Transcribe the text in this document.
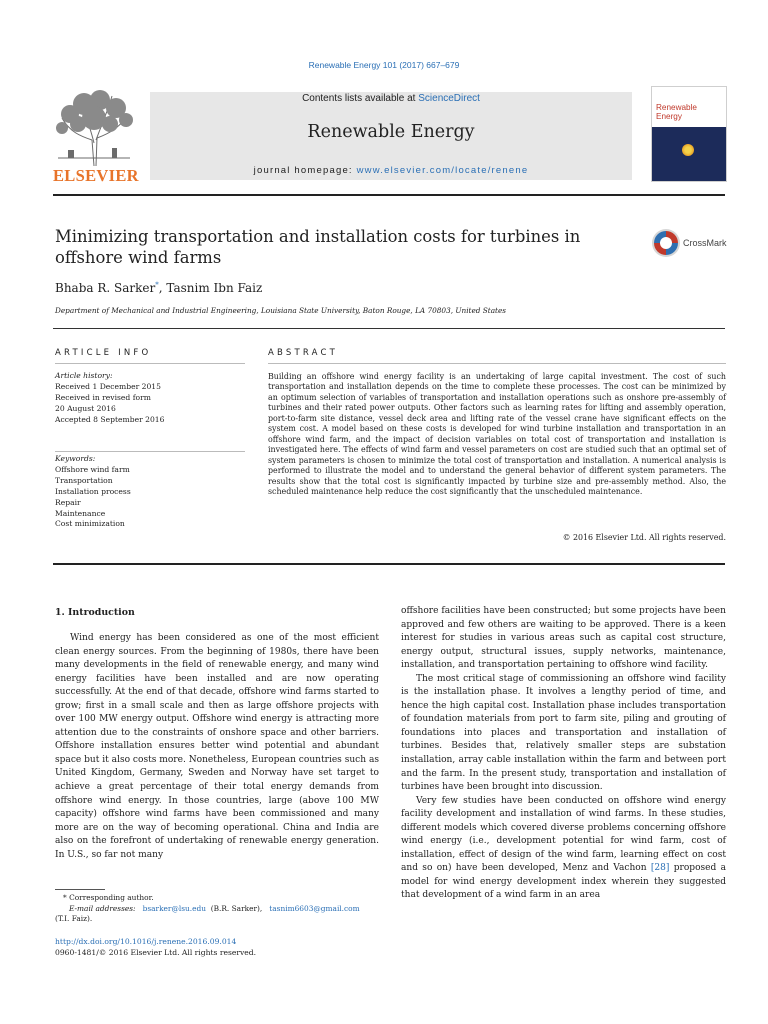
Renewable Energy 101 (2017) 667–679
ELSEVIER
Contents lists available at ScienceDirect
Renewable Energy
journal homepage: www.elsevier.com/locate/renene
Renewable
Energy
Minimizing transportation and installation costs for turbines in
offshore wind farms
CrossMark
Bhaba R. Sarker*, Tasnim Ibn Faiz
Department of Mechanical and Industrial Engineering, Louisiana State University, Baton Rouge, LA 70803, United States
ARTICLE INFO
Article history:
Received 1 December 2015
Received in revised form
20 August 2016
Accepted 8 September 2016
Keywords:
Offshore wind farm
Transportation
Installation process
Repair
Maintenance
Cost minimization
ABSTRACT
Building an offshore wind energy facility is an undertaking of large capital investment. The cost of such transportation and installation depends on the time to complete these processes. The cost can be minimized by an optimum selection of variables of transportation and installation operations such as onshore pre-assembly of turbines and their rated power outputs. Other factors such as learning rates for lifting and assembly operation, port-to-farm site distance, vessel deck area and lifting rate of the vessel crane have significant effects on the system cost. A model based on these costs is developed for wind turbine installation and transportation in an offshore wind farm, and the impact of decision variables on total cost of transportation and installation is investigated here. The effects of wind farm and vessel parameters on cost are studied such that an optimal set of system parameters is chosen to minimize the total cost of transportation and installation. A numerical analysis is performed to illustrate the model and to understand the general behavior of different system parameters. The results show that the total cost is significantly impacted by turbine size and pre-assembly method. Also, the scheduled maintenance help reduce the cost significantly that the unscheduled maintenance.
© 2016 Elsevier Ltd. All rights reserved.
1. Introduction

Wind energy has been considered as one of the most efficient clean energy sources. From the beginning of 1980s, there have been many developments in the field of renewable energy, and many wind energy facilities have been installed and are now operating successfully. At the end of that decade, offshore wind farms started to grow; first in a small scale and then as large offshore projects with over 100 MW energy output. Offshore wind energy is attracting more attention due to the constraints of onshore space and other barriers. Offshore installation ensures better wind potential and abundant space but it also costs more. Nonetheless, European countries such as United Kingdom, Germany, Sweden and Norway have set target to achieve a great percentage of their total energy demands from offshore wind energy. In those countries, large (above 100 MW capacity) offshore wind farms have been commissioned and many more are on the way of becoming operational. China and India are also on the forefront of undertaking of renewable energy generation. In U.S., so far not many

offshore facilities have been constructed; but some projects have been approved and few others are waiting to be approved. There is a keen interest for studies in various areas such as capital cost structure, energy output, structural issues, supply networks, maintenance, installation, and transportation pertaining to offshore wind facility.

The most critical stage of commissioning an offshore wind facility is the installation phase. It involves a lengthy period of time, and hence the high capital cost. Installation phase includes transportation of foundation materials from port to farm site, piling and grouting of foundations into places and transportation and installation of turbines. Besides that, relatively smaller steps are substation installation, array cable installation within the farm and between port and the farm. In the present study, transportation and installation of turbines have been brought into discussion.

Very few studies have been conducted on offshore wind energy facility development and installation of wind farms. In these studies, different models which covered diverse problems concerning offshore wind energy (i.e., development potential for wind farm, cost of installation, effect of design of the wind farm, learning effect on cost and so on) have been developed, Menz and Vachon [28] proposed a model for wind energy development index wherein they suggested that development of a wind farm in an area

* Corresponding author.
E-mail addresses: bsarker@lsu.edu (B.R. Sarker), tasnim6603@gmail.com
(T.I. Faiz).
http://dx.doi.org/10.1016/j.renene.2016.09.014
0960-1481/© 2016 Elsevier Ltd. All rights reserved.
